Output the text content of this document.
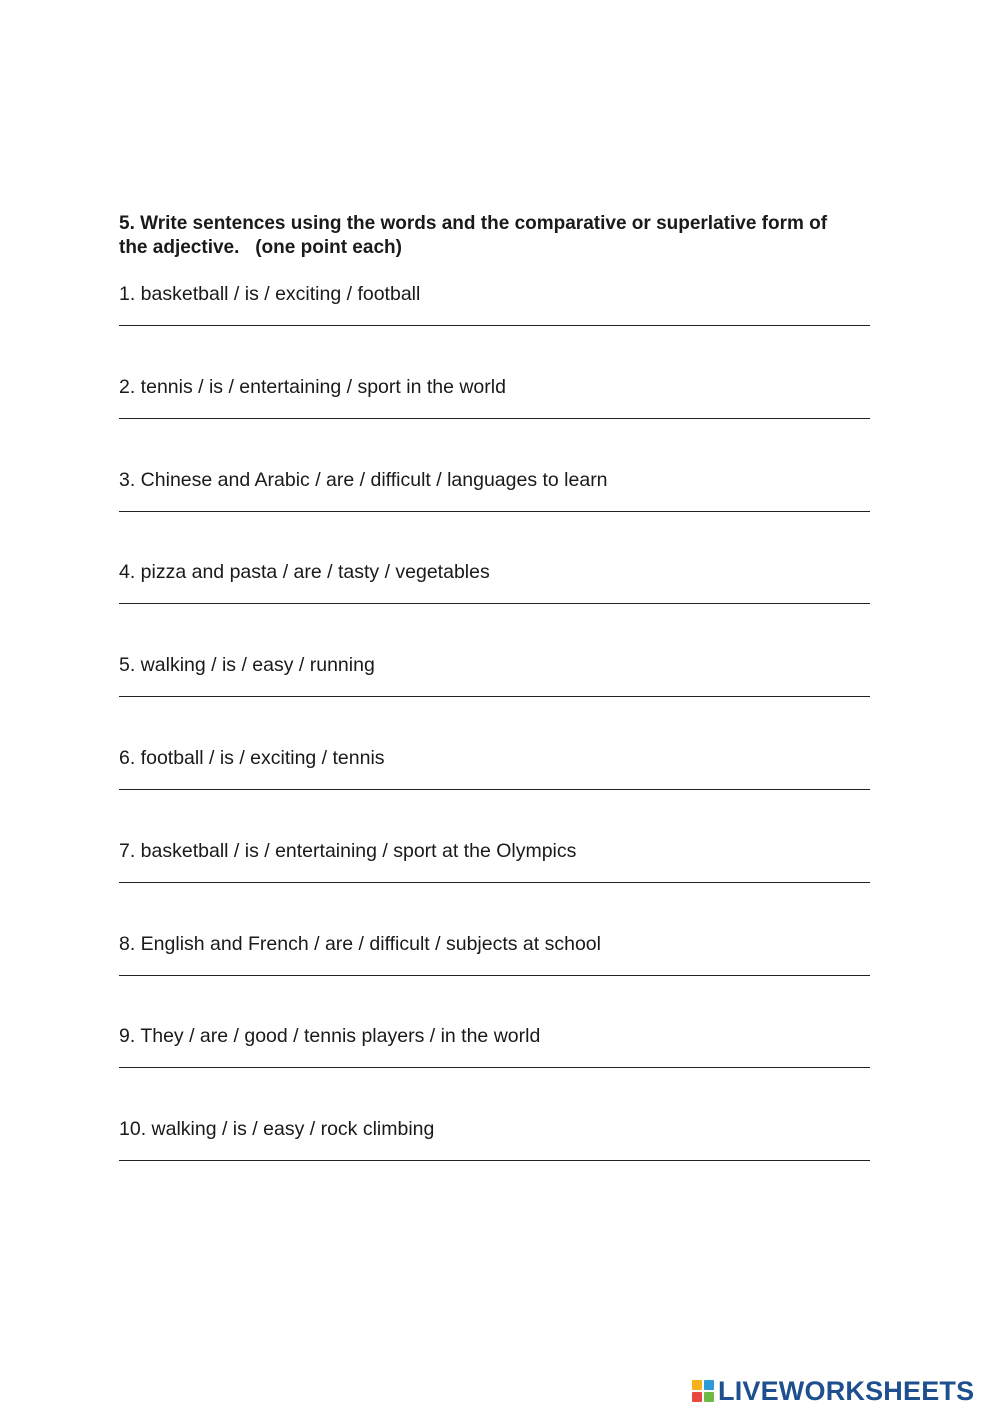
5. Write sentences using the words and the comparative or superlative form of
the adjective.   (one point each)
1. basketball / is / exciting / football
2. tennis / is / entertaining / sport in the world
3. Chinese and Arabic / are / difficult / languages to learn
4. pizza and pasta / are / tasty / vegetables
5. walking / is / easy / running
6. football / is / exciting / tennis
7. basketball / is / entertaining / sport at the Olympics
8. English and French / are / difficult / subjects at school
9. They / are / good / tennis players / in the world
10. walking / is / easy / rock climbing
LIVEWORKSHEETS
